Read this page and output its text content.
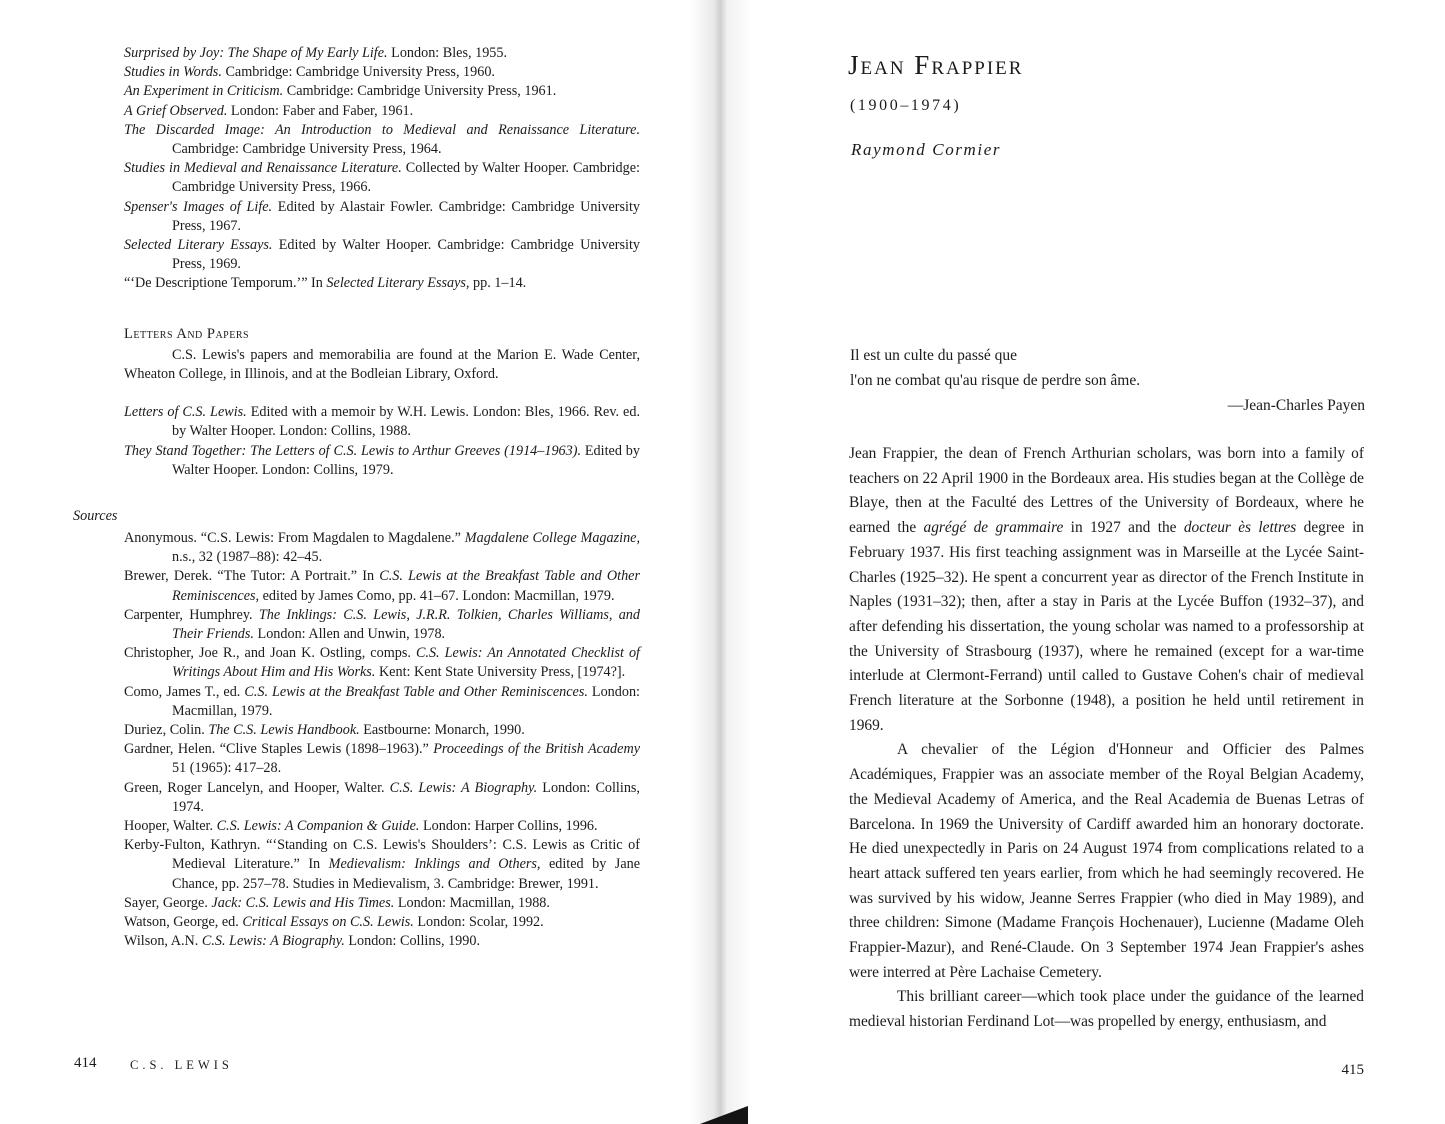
Surprised by Joy: The Shape of My Early Life. London: Bles, 1955.

Studies in Words. Cambridge: Cambridge University Press, 1960.

An Experiment in Criticism. Cambridge: Cambridge University Press, 1961.

A Grief Observed. London: Faber and Faber, 1961.

The Discarded Image: An Introduction to Medieval and Renaissance Literature. Cambridge: Cambridge University Press, 1964.

Studies in Medieval and Renaissance Literature. Collected by Walter Hooper. Cambridge: Cambridge University Press, 1966.

Spenser's Images of Life. Edited by Alastair Fowler. Cambridge: Cambridge University Press, 1967.

Selected Literary Essays. Edited by Walter Hooper. Cambridge: Cambridge University Press, 1969.

“‘De Descriptione Temporum.’” In Selected Literary Essays, pp. 1–14.

Letters And Papers

C.S. Lewis's papers and memorabilia are found at the Marion E. Wade Center, Wheaton College, in Illinois, and at the Bodleian Library, Oxford.

Letters of C.S. Lewis. Edited with a memoir by W.H. Lewis. London: Bles, 1966. Rev. ed. by Walter Hooper. London: Collins, 1988.

They Stand Together: The Letters of C.S. Lewis to Arthur Greeves (1914–1963). Edited by Walter Hooper. London: Collins, 1979.

Sources

Anonymous. “C.S. Lewis: From Magdalen to Magdalene.” Magdalene College Magazine, n.s., 32 (1987–88): 42–45.

Brewer, Derek. “The Tutor: A Portrait.” In C.S. Lewis at the Breakfast Table and Other Reminiscences, edited by James Como, pp. 41–67. London: Macmillan, 1979.

Carpenter, Humphrey. The Inklings: C.S. Lewis, J.R.R. Tolkien, Charles Williams, and Their Friends. London: Allen and Unwin, 1978.

Christopher, Joe R., and Joan K. Ostling, comps. C.S. Lewis: An Annotated Checklist of Writings About Him and His Works. Kent: Kent State University Press, [1974?].

Como, James T., ed. C.S. Lewis at the Breakfast Table and Other Reminiscences. London: Macmillan, 1979.

Duriez, Colin. The C.S. Lewis Handbook. Eastbourne: Monarch, 1990.

Gardner, Helen. “Clive Staples Lewis (1898–1963).” Proceedings of the British Academy 51 (1965): 417–28.

Green, Roger Lancelyn, and Hooper, Walter. C.S. Lewis: A Biography. London: Collins, 1974.

Hooper, Walter. C.S. Lewis: A Companion & Guide. London: Harper Collins, 1996.

Kerby-Fulton, Kathryn. “‘Standing on C.S. Lewis's Shoulders’: C.S. Lewis as Critic of Medieval Literature.” In Medievalism: Inklings and Others, edited by Jane Chance, pp. 257–78. Studies in Medievalism, 3. Cambridge: Brewer, 1991.

Sayer, George. Jack: C.S. Lewis and His Times. London: Macmillan, 1988.

Watson, George, ed. Critical Essays on C.S. Lewis. London: Scolar, 1992.

Wilson, A.N. C.S. Lewis: A Biography. London: Collins, 1990.

414	C.S. LEWIS
Jean Frappier
(1900–1974)
Raymond Cormier
Il est un culte du passé que
l'on ne combat qu'au risque de perdre son âme.
—Jean-Charles Payen

Jean Frappier, the dean of French Arthurian scholars, was born into a family of teachers on 22 April 1900 in the Bordeaux area. His studies began at the Collège de Blaye, then at the Faculté des Lettres of the University of Bordeaux, where he earned the agrégé de grammaire in 1927 and the docteur ès lettres degree in February 1937. His first teaching assignment was in Marseille at the Lycée Saint-Charles (1925–32). He spent a concurrent year as director of the French Institute in Naples (1931–32); then, after a stay in Paris at the Lycée Buffon (1932–37), and after defending his dissertation, the young scholar was named to a professorship at the University of Strasbourg (1937), where he remained (except for a war-time interlude at Clermont-Ferrand) until called to Gustave Cohen's chair of medieval French literature at the Sorbonne (1948), a position he held until retirement in 1969.

A chevalier of the Légion d'Honneur and Officier des Palmes Académiques, Frappier was an associate member of the Royal Belgian Academy, the Medieval Academy of America, and the Real Academia de Buenas Letras of Barcelona. In 1969 the University of Cardiff awarded him an honorary doctorate. He died unexpectedly in Paris on 24 August 1974 from complications related to a heart attack suffered ten years earlier, from which he had seemingly recovered. He was survived by his widow, Jeanne Serres Frappier (who died in May 1989), and three children: Simone (Madame François Hochenauer), Lucienne (Madame Oleh Frappier-Mazur), and René-Claude. On 3 September 1974 Jean Frappier's ashes were interred at Père Lachaise Cemetery.

This brilliant career—which took place under the guidance of the learned medieval historian Ferdinand Lot—was propelled by energy, enthusiasm, and

415
